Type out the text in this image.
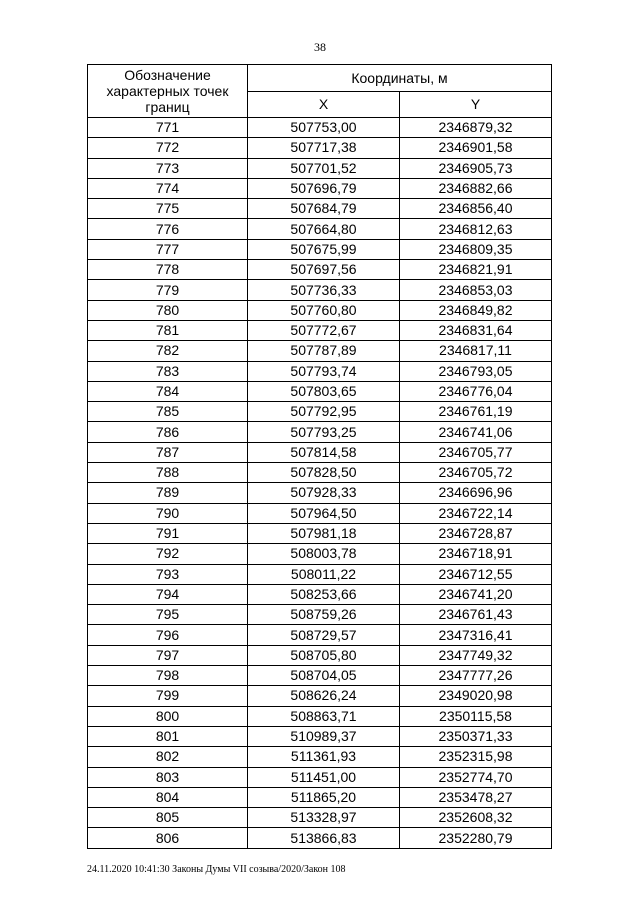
38
Обозначение характерных точек границ	Координаты, м	
	X	Y
771	507753,00	2346879,32
772	507717,38	2346901,58
773	507701,52	2346905,73
774	507696,79	2346882,66
775	507684,79	2346856,40
776	507664,80	2346812,63
777	507675,99	2346809,35
778	507697,56	2346821,91
779	507736,33	2346853,03
780	507760,80	2346849,82
781	507772,67	2346831,64
782	507787,89	2346817,11
783	507793,74	2346793,05
784	507803,65	2346776,04
785	507792,95	2346761,19
786	507793,25	2346741,06
787	507814,58	2346705,77
788	507828,50	2346705,72
789	507928,33	2346696,96
790	507964,50	2346722,14
791	507981,18	2346728,87
792	508003,78	2346718,91
793	508011,22	2346712,55
794	508253,66	2346741,20
795	508759,26	2346761,43
796	508729,57	2347316,41
797	508705,80	2347749,32
798	508704,05	2347777,26
799	508626,24	2349020,98
800	508863,71	2350115,58
801	510989,37	2350371,33
802	511361,93	2352315,98
803	511451,00	2352774,70
804	511865,20	2353478,27
805	513328,97	2352608,32
806	513866,83	2352280,79
24.11.2020 10:41:30 Законы Думы VII созыва/2020/Закон 108
